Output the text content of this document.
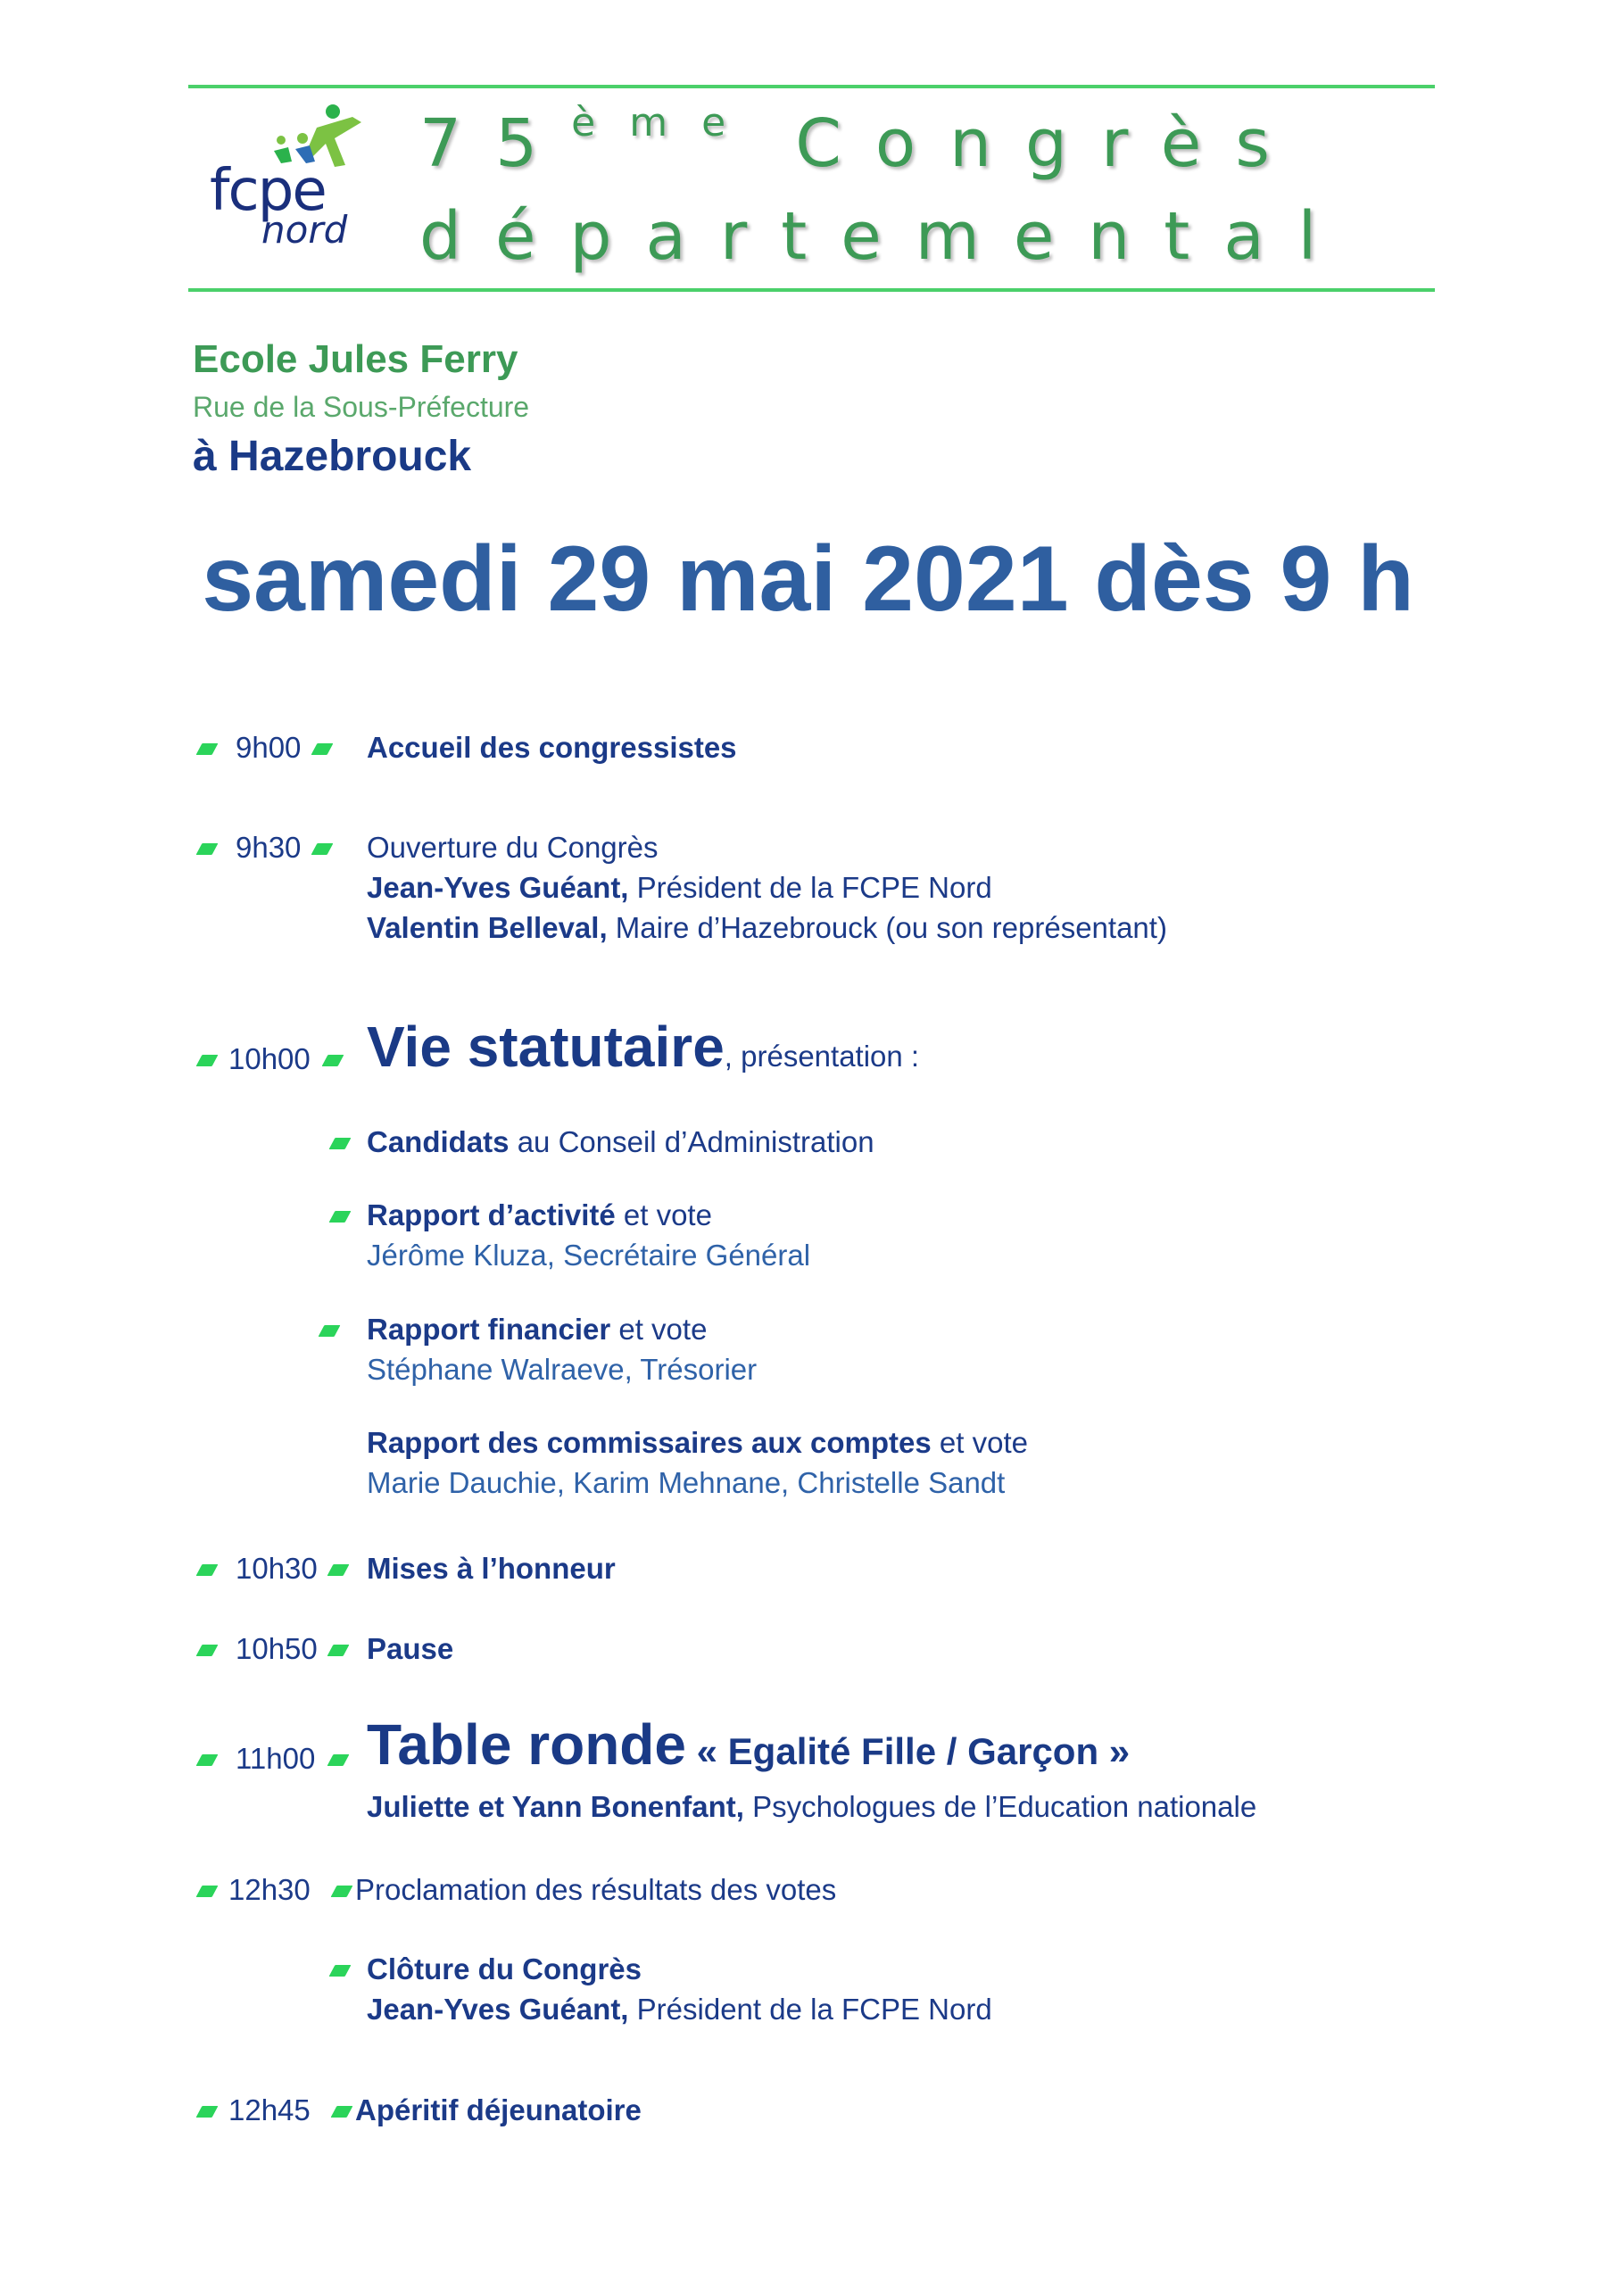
fcpe
nord
75ème Congrès
départemental
Ecole Jules Ferry
Rue de la Sous-Préfecture
à Hazebrouck
samedi 29 mai 2021 dès 9 h
9h00 Accueil des congressistes
9h30 Ouverture du Congrès
Jean-Yves Guéant, Président de la FCPE Nord
Valentin Belleval, Maire d’Hazebrouck (ou son représentant)
10h00 Vie statutaire, présentation :
Candidats au Conseil d’Administration
Rapport d’activité et vote
Jérôme Kluza, Secrétaire Général
Rapport financier et vote
Stéphane Walraeve, Trésorier
Rapport des commissaires aux comptes et vote
Marie Dauchie, Karim Mehnane, Christelle Sandt
10h30 Mises à l’honneur
10h50 Pause
11h00 Table ronde « Egalité Fille / Garçon »
Juliette et Yann Bonenfant, Psychologues de l’Education nationale
12h30 Proclamation des résultats des votes
Clôture du Congrès
Jean-Yves Guéant, Président de la FCPE Nord
12h45 Apéritif déjeunatoire
